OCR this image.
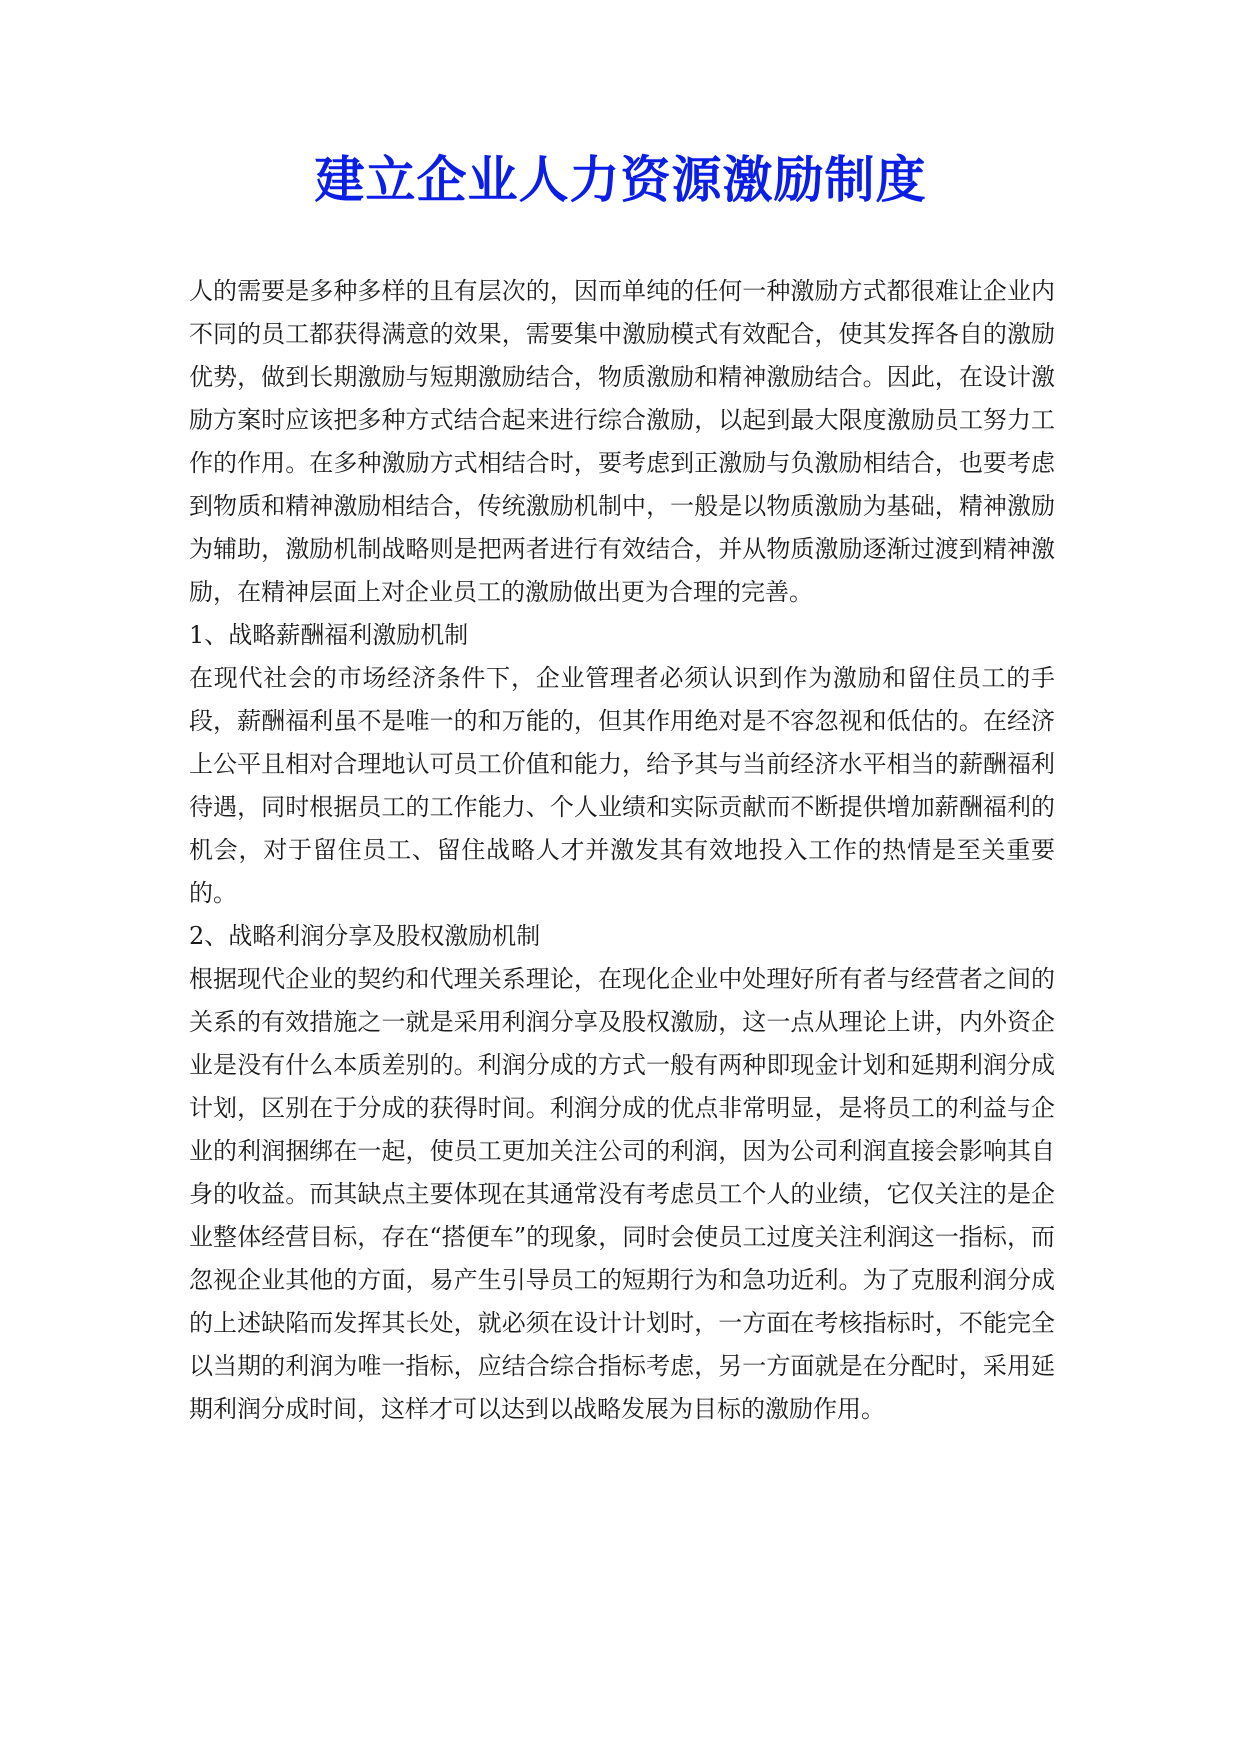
建立企业人力资源激励制度

人的需要是多种多样的且有层次的，因而单纯的任何一种激励方式都很难让企业内不同的员工都获得满意的效果，需要集中激励模式有效配合，使其发挥各自的激励优势，做到长期激励与短期激励结合，物质激励和精神激励结合。因此，在设计激励方案时应该把多种方式结合起来进行综合激励，以起到最大限度激励员工努力工作的作用。在多种激励方式相结合时，要考虑到正激励与负激励相结合，也要考虑到物质和精神激励相结合，传统激励机制中，一般是以物质激励为基础，精神激励为辅助，激励机制战略则是把两者进行有效结合，并从物质激励逐渐过渡到精神激励，在精神层面上对企业员工的激励做出更为合理的完善。

1、战略薪酬福利激励机制

在现代社会的市场经济条件下，企业管理者必须认识到作为激励和留住员工的手段，薪酬福利虽不是唯一的和万能的，但其作用绝对是不容忽视和低估的。在经济上公平且相对合理地认可员工价值和能力，给予其与当前经济水平相当的薪酬福利待遇，同时根据员工的工作能力、个人业绩和实际贡献而不断提供增加薪酬福利的机会，对于留住员工、留住战略人才并激发其有效地投入工作的热情是至关重要的。

2、战略利润分享及股权激励机制

根据现代企业的契约和代理关系理论，在现化企业中处理好所有者与经营者之间的关系的有效措施之一就是采用利润分享及股权激励，这一点从理论上讲，内外资企业是没有什么本质差别的。利润分成的方式一般有两种即现金计划和延期利润分成计划，区别在于分成的获得时间。利润分成的优点非常明显，是将员工的利益与企业的利润捆绑在一起，使员工更加关注公司的利润，因为公司利润直接会影响其自身的收益。而其缺点主要体现在其通常没有考虑员工个人的业绩，它仅关注的是企业整体经营目标，存在“搭便车”的现象，同时会使员工过度关注利润这一指标，而忽视企业其他的方面，易产生引导员工的短期行为和急功近利。为了克服利润分成的上述缺陷而发挥其长处，就必须在设计计划时，一方面在考核指标时，不能完全以当期的利润为唯一指标，应结合综合指标考虑，另一方面就是在分配时，采用延期利润分成时间，这样才可以达到以战略发展为目标的激励作用。
